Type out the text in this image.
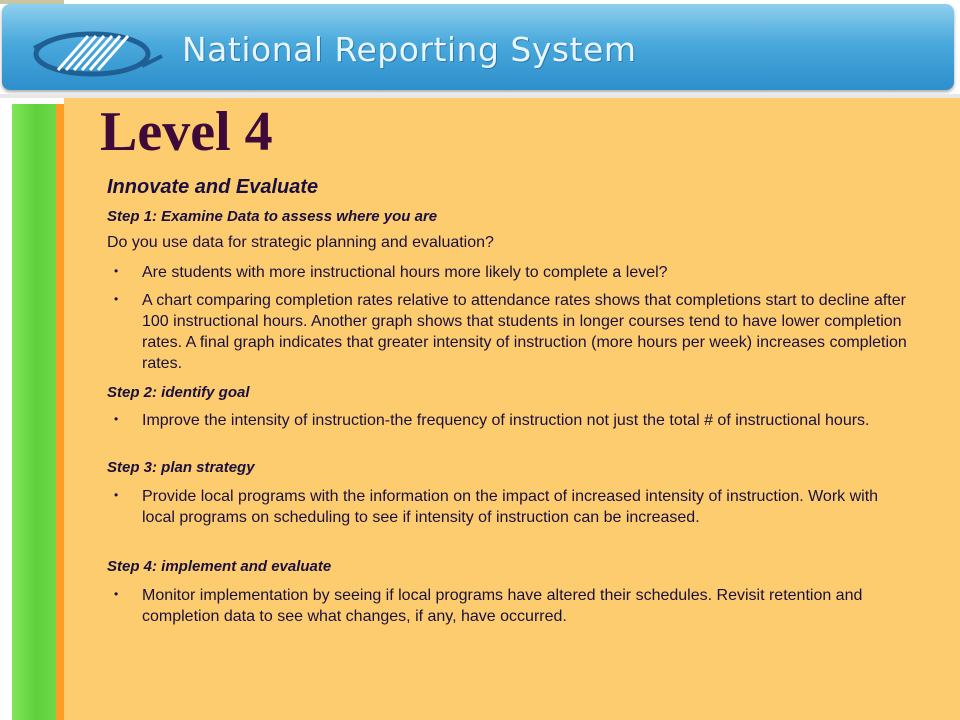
National Reporting System
Level 4
Innovate and Evaluate
Step 1: Examine Data to assess where you are
Do you use data for strategic planning and evaluation?
• Are students with more instructional hours more likely to complete a level?
• A chart comparing completion rates relative to attendance rates shows that completions start to decline after 100 instructional hours. Another graph shows that students in longer courses tend to have lower completion rates. A final graph indicates that greater intensity of instruction (more hours per week) increases completion rates.
Step 2: identify goal
• Improve the intensity of instruction-the frequency of instruction not just the total # of instructional hours.
Step 3: plan strategy
• Provide local programs with the information on the impact of increased intensity of instruction. Work with local programs on scheduling to see if intensity of instruction can be increased.
Step 4: implement and evaluate
• Monitor implementation by seeing if local programs have altered their schedules. Revisit retention and completion data to see what changes, if any, have occurred.
